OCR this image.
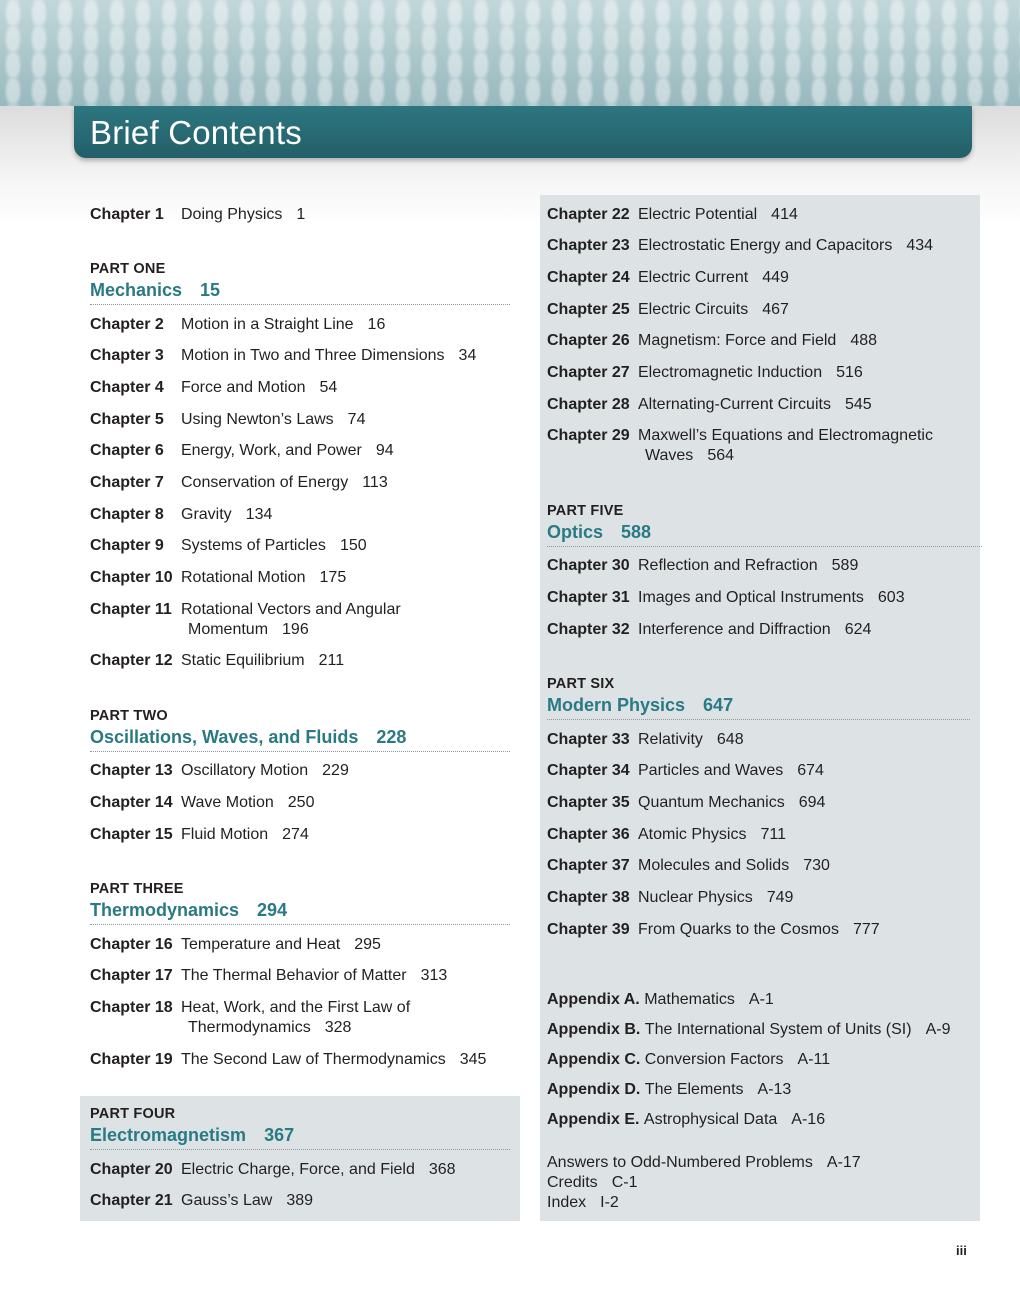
Brief Contents
Chapter 1 Doing Physics 1
PART ONE
Mechanics 15
Chapter 2 Motion in a Straight Line 16
Chapter 3 Motion in Two and Three Dimensions 34
Chapter 4 Force and Motion 54
Chapter 5 Using Newton’s Laws 74
Chapter 6 Energy, Work, and Power 94
Chapter 7 Conservation of Energy 113
Chapter 8 Gravity 134
Chapter 9 Systems of Particles 150
Chapter 10 Rotational Motion 175
Chapter 11 Rotational Vectors and Angular
Momentum 196
Chapter 12 Static Equilibrium 211
PART TWO
Oscillations, Waves, and Fluids 228
Chapter 13 Oscillatory Motion 229
Chapter 14 Wave Motion 250
Chapter 15 Fluid Motion 274
PART THREE
Thermodynamics 294
Chapter 16 Temperature and Heat 295
Chapter 17 The Thermal Behavior of Matter 313
Chapter 18 Heat, Work, and the First Law of
Thermodynamics 328
Chapter 19 The Second Law of Thermodynamics 345
PART FOUR
Electromagnetism 367
Chapter 20 Electric Charge, Force, and Field 368
Chapter 21 Gauss’s Law 389
Chapter 22 Electric Potential 414
Chapter 23 Electrostatic Energy and Capacitors 434
Chapter 24 Electric Current 449
Chapter 25 Electric Circuits 467
Chapter 26 Magnetism: Force and Field 488
Chapter 27 Electromagnetic Induction 516
Chapter 28 Alternating-Current Circuits 545
Chapter 29 Maxwell’s Equations and Electromagnetic
Waves 564
PART FIVE
Optics 588
Chapter 30 Reflection and Refraction 589
Chapter 31 Images and Optical Instruments 603
Chapter 32 Interference and Diffraction 624
PART SIX
Modern Physics 647
Chapter 33 Relativity 648
Chapter 34 Particles and Waves 674
Chapter 35 Quantum Mechanics 694
Chapter 36 Atomic Physics 711
Chapter 37 Molecules and Solids 730
Chapter 38 Nuclear Physics 749
Chapter 39 From Quarks to the Cosmos 777
Appendix A. Mathematics A-1
Appendix B. The International System of Units (SI) A-9
Appendix C. Conversion Factors A-11
Appendix D. The Elements A-13
Appendix E. Astrophysical Data A-16
Answers to Odd-Numbered Problems A-17
Credits C-1
Index I-2
iii
